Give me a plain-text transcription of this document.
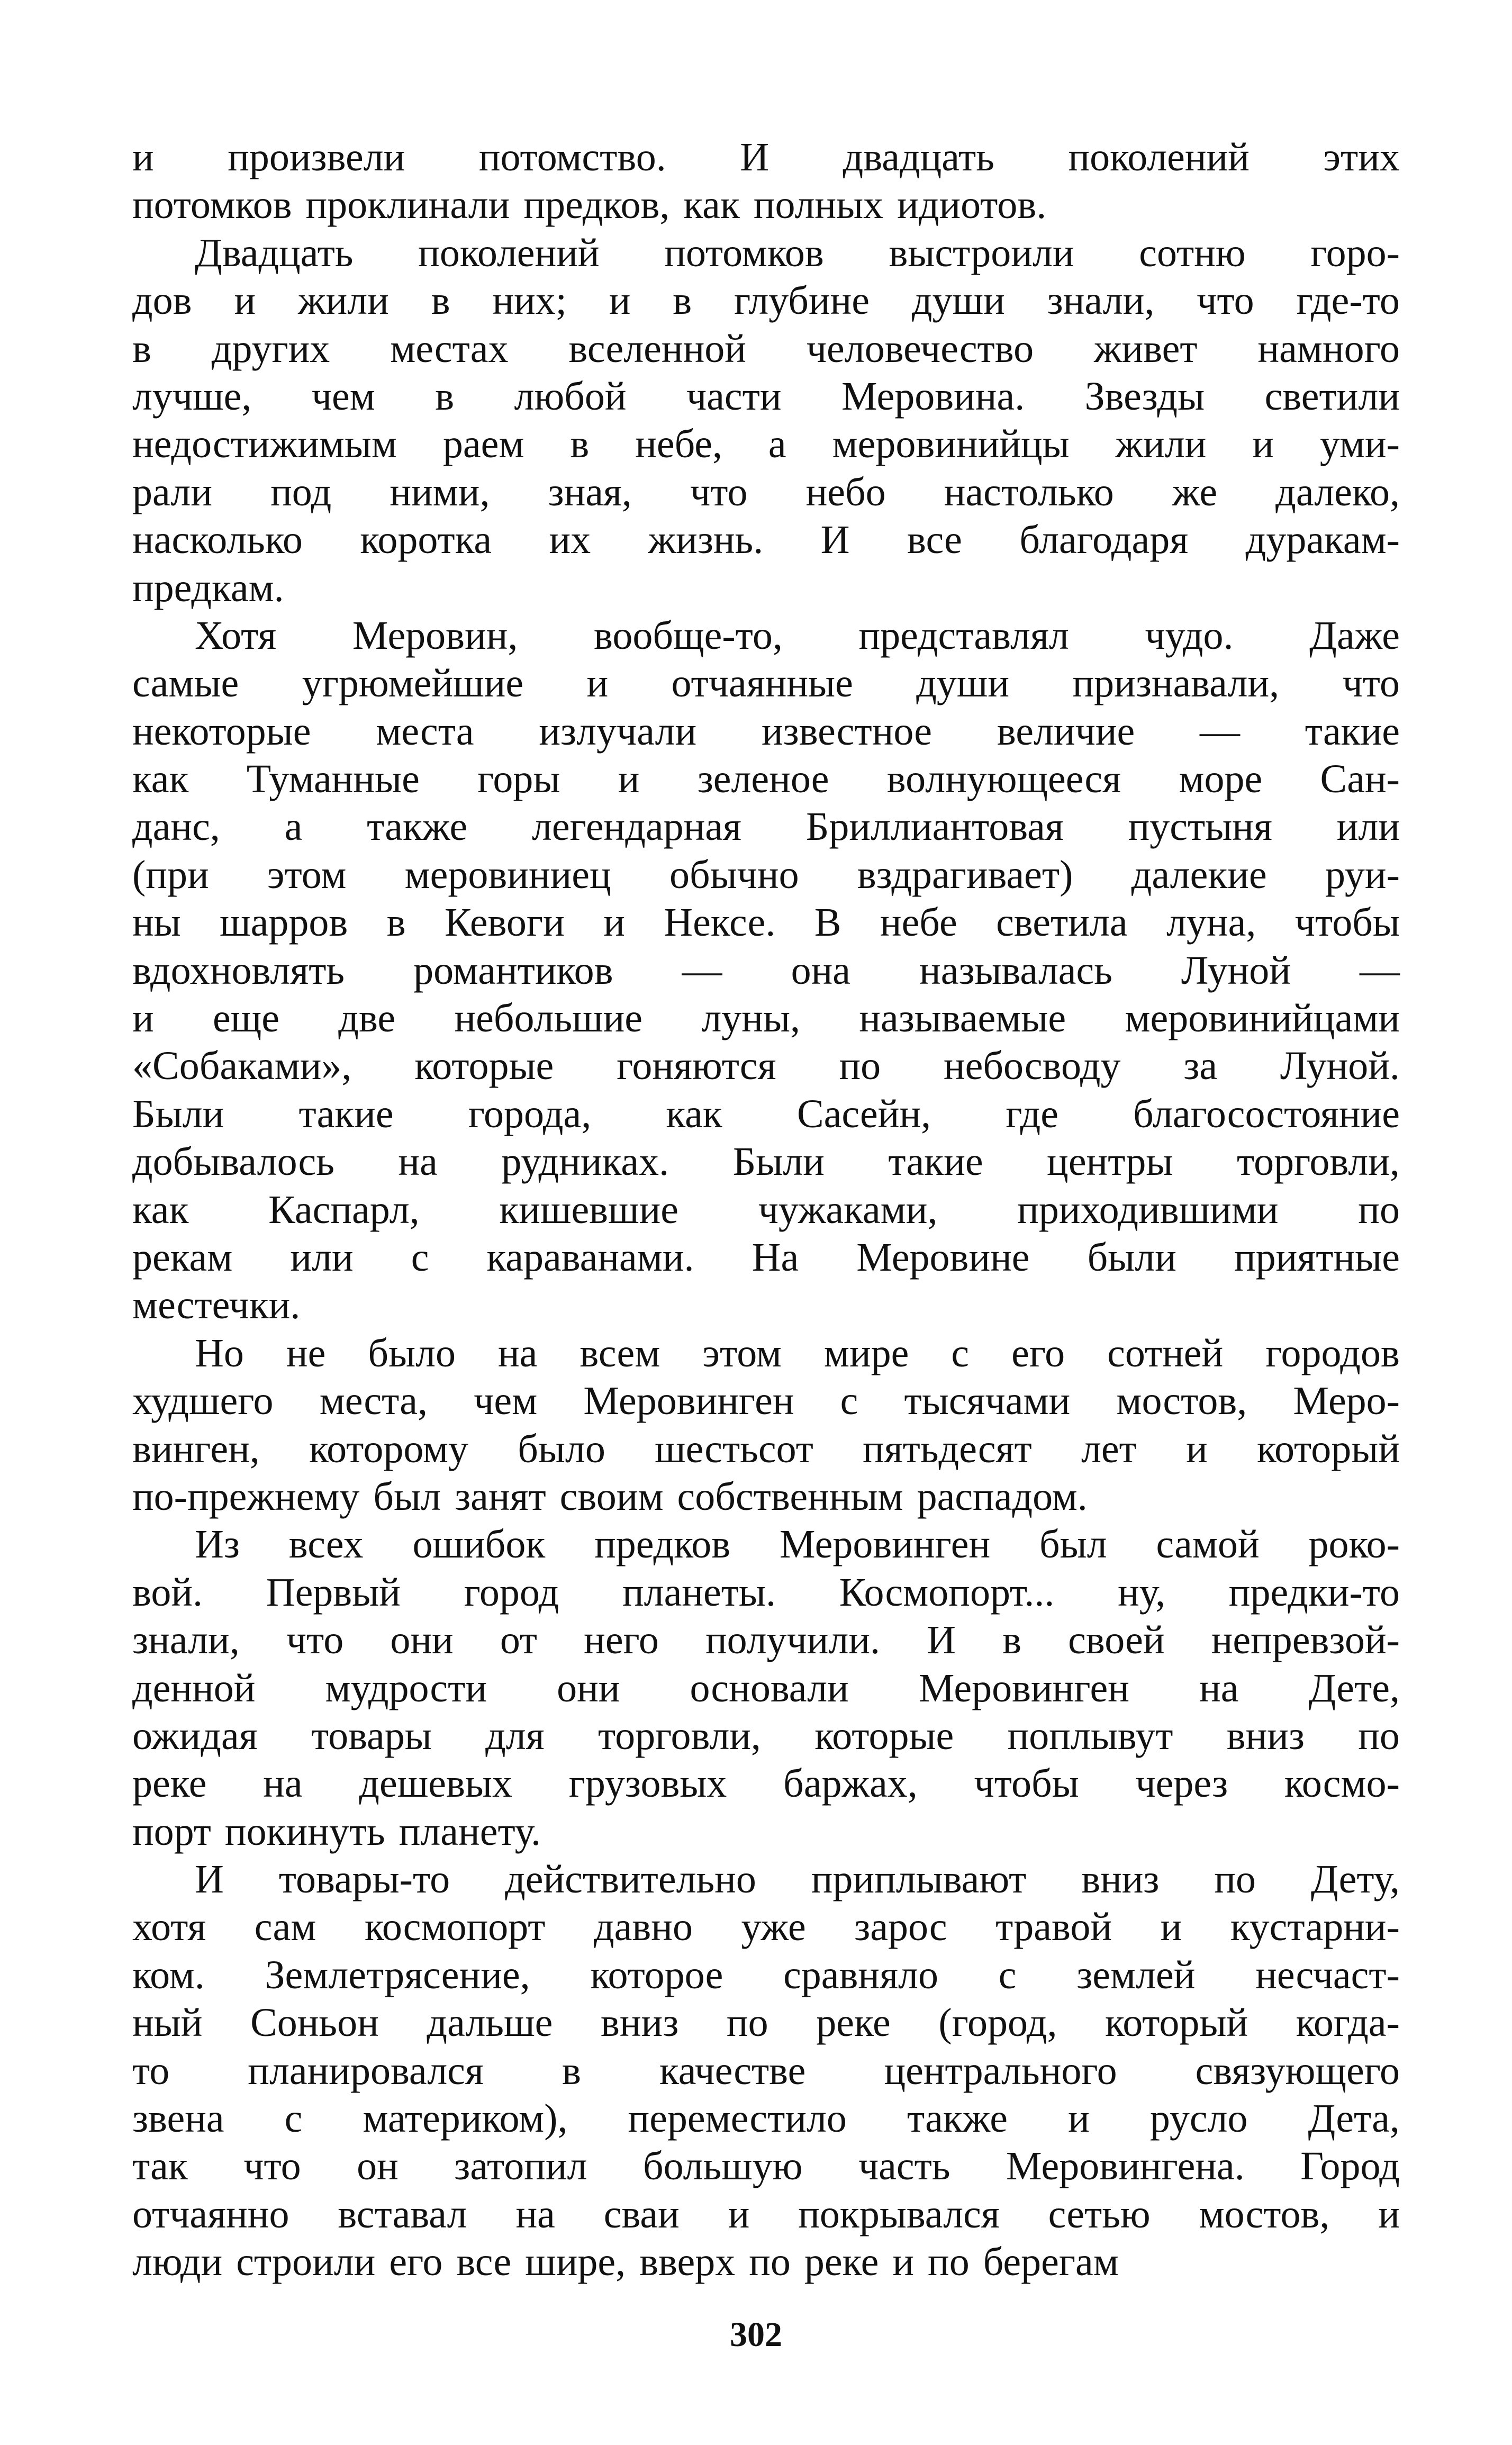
и произвели потомство. И двадцать поколений этих
потомков проклинали предков, как полных идиотов.
Двадцать поколений потомков выстроили сотню горо-
дов и жили в них; и в глубине души знали, что где-то
в других местах вселенной человечество живет намного
лучше, чем в любой части Меровина. Звезды светили
недостижимым раем в небе, а меровинийцы жили и уми-
рали под ними, зная, что небо настолько же далеко,
насколько коротка их жизнь. И все благодаря дуракам-
предкам.
Хотя Меровин, вообще-то, представлял чудо. Даже
самые угрюмейшие и отчаянные души признавали, что
некоторые места излучали известное величие — такие
как Туманные горы и зеленое волнующееся море Сан-
данс, а также легендарная Бриллиантовая пустыня или
(при этом меровиниец обычно вздрагивает) далекие руи-
ны шарров в Кевоги и Нексе. В небе светила луна, чтобы
вдохновлять романтиков — она называлась Луной —
и еще две небольшие луны, называемые меровинийцами
«Собаками», которые гоняются по небосводу за Луной.
Были такие города, как Сасейн, где благосостояние
добывалось на рудниках. Были такие центры торговли,
как Каспарл, кишевшие чужаками, приходившими по
рекам или с караванами. На Меровине были приятные
местечки.
Но не было на всем этом мире с его сотней городов
худшего места, чем Меровинген с тысячами мостов, Меро-
винген, которому было шестьсот пятьдесят лет и который
по-прежнему был занят своим собственным распадом.
Из всех ошибок предков Меровинген был самой роко-
вой. Первый город планеты. Космопорт... ну, предки-то
знали, что они от него получили. И в своей непревзой-
денной мудрости они основали Меровинген на Дете,
ожидая товары для торговли, которые поплывут вниз по
реке на дешевых грузовых баржах, чтобы через космо-
порт покинуть планету.
И товары-то действительно приплывают вниз по Дету,
хотя сам космопорт давно уже зарос травой и кустарни-
ком. Землетрясение, которое сравняло с землей несчаст-
ный Соньон дальше вниз по реке (город, который когда-
то планировался в качестве центрального связующего
звена с материком), переместило также и русло Дета,
так что он затопил большую часть Меровингена. Город
отчаянно вставал на сваи и покрывался сетью мостов, и
люди строили его все шире, вверх по реке и по берегам
302
